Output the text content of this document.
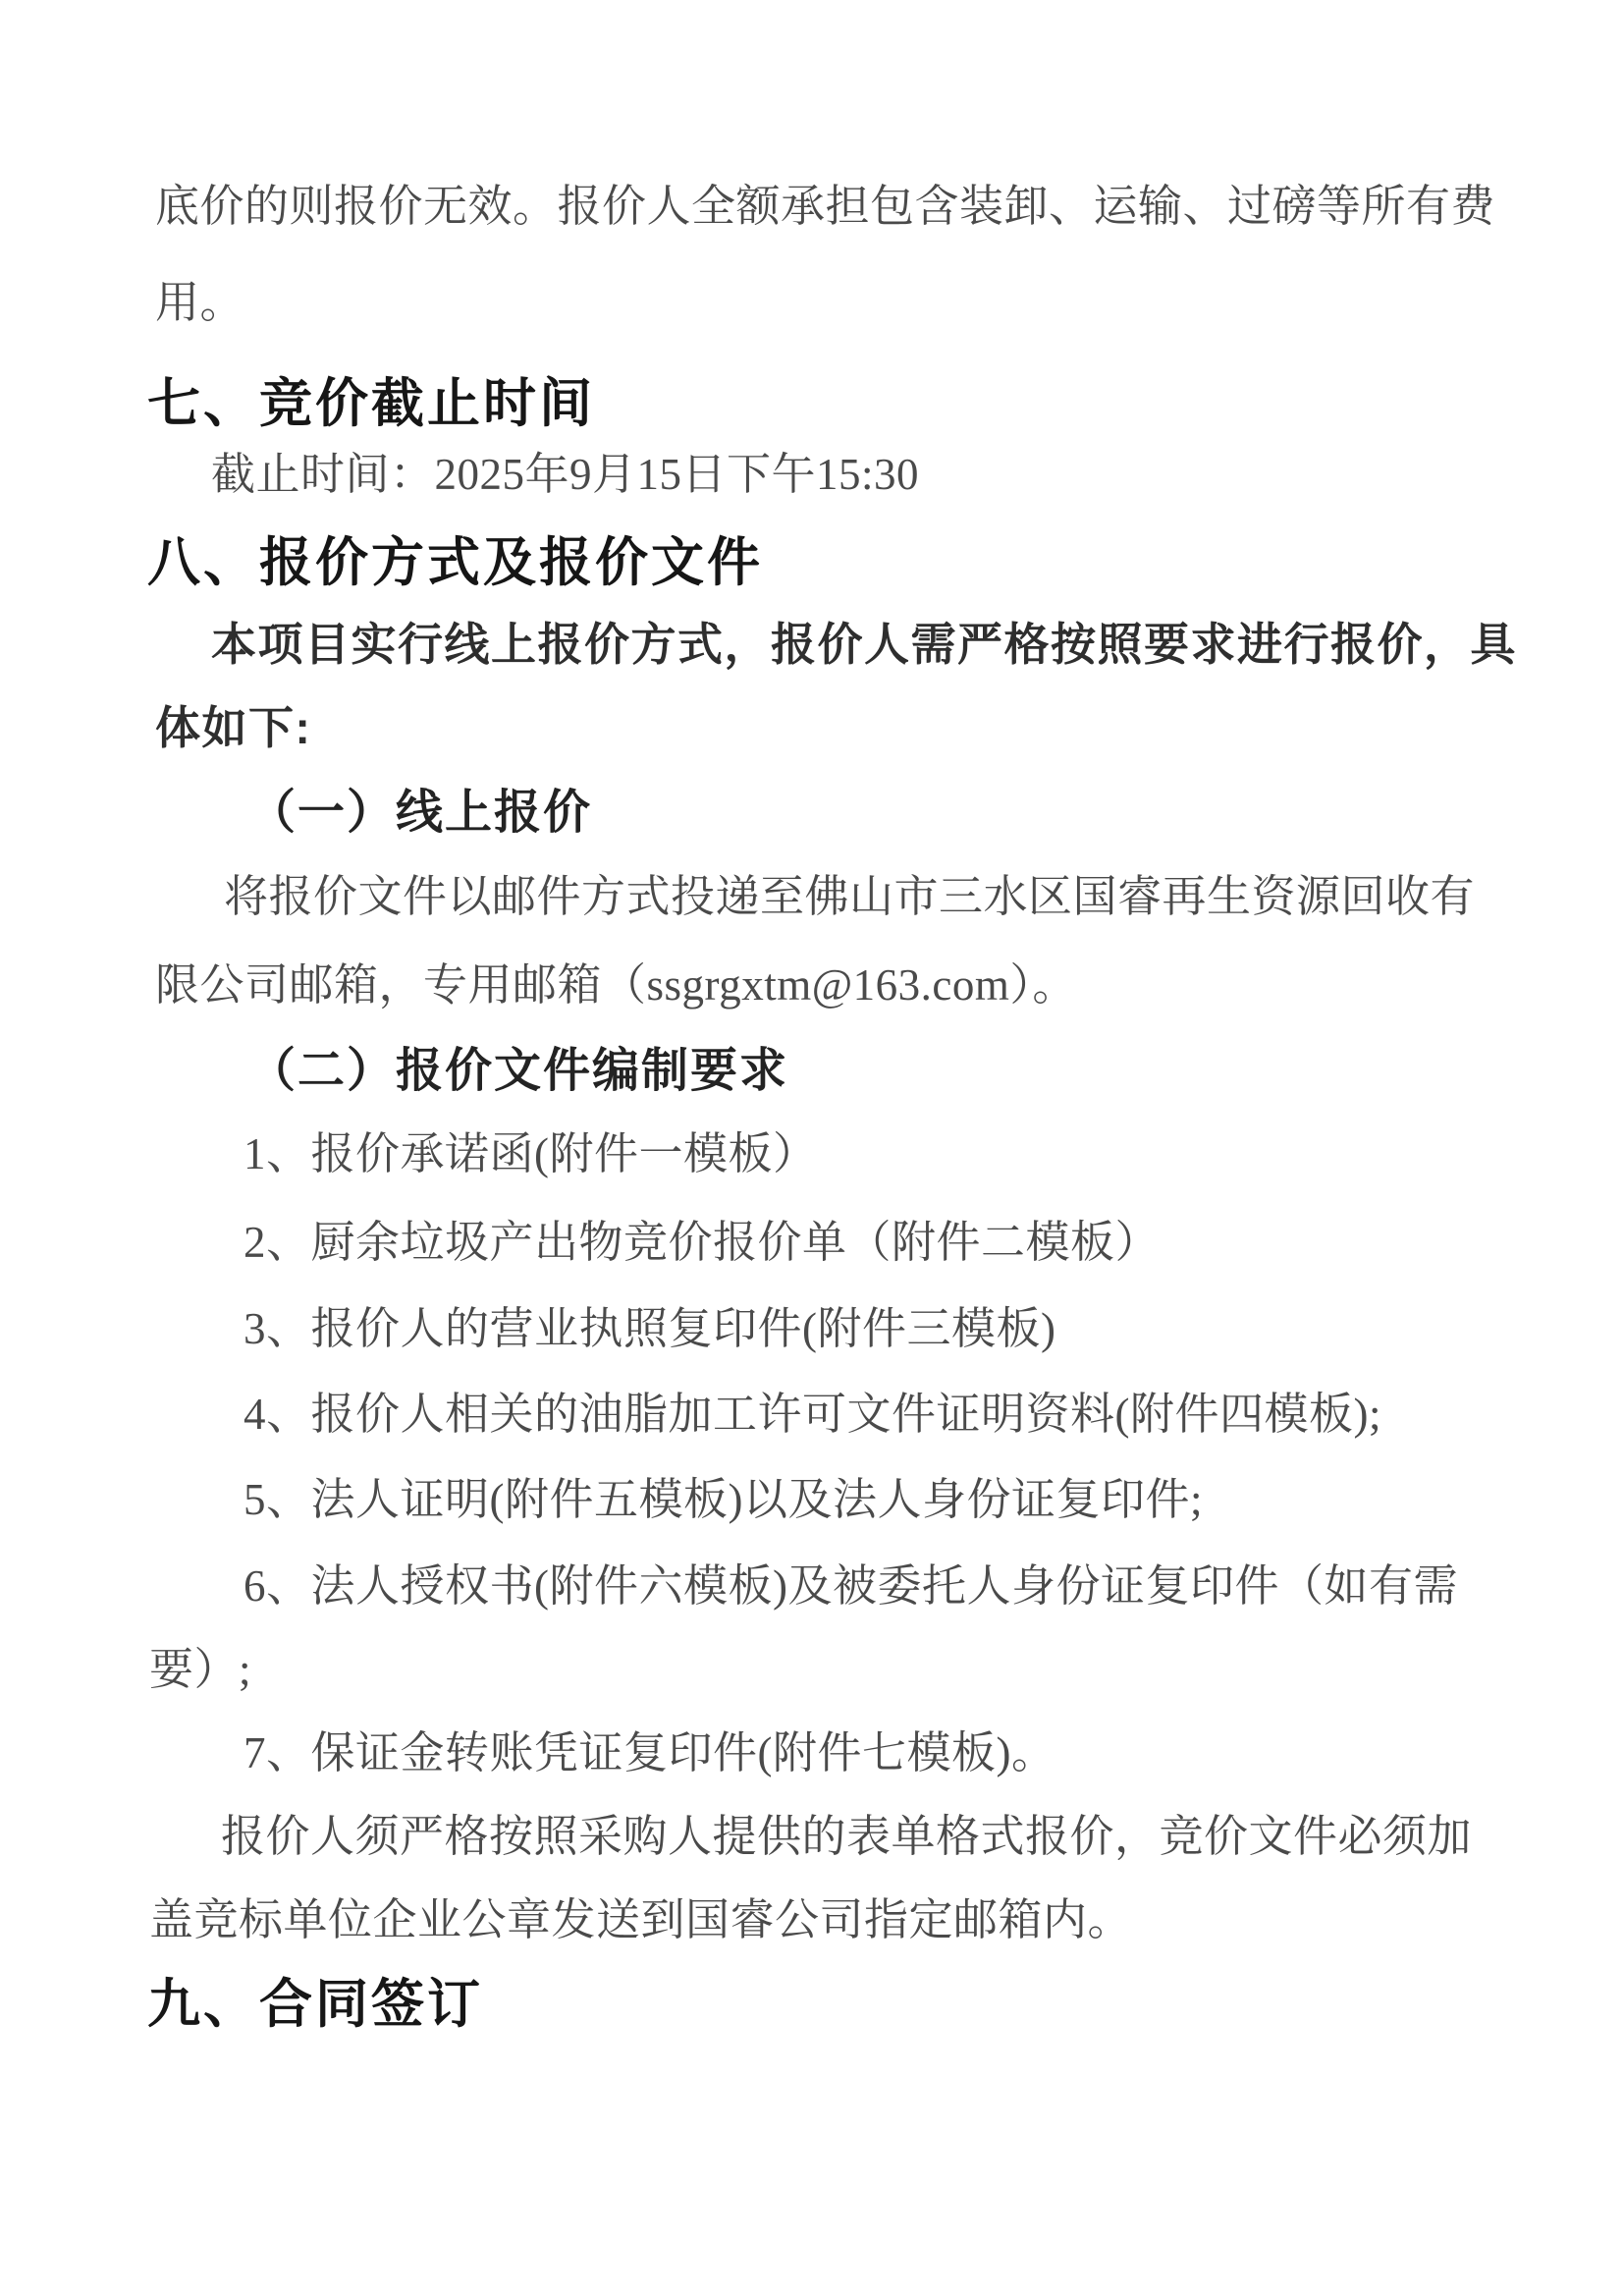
底价的则报价无效。报价人全额承担包含装卸、运输、过磅等所有费
用。
七、竞价截止时间
截止时间：2025年9月15日下午15:30
八、报价方式及报价文件
本项目实行线上报价方式，报价人需严格按照要求进行报价，具
体如下:
（一）线上报价
将报价文件以邮件方式投递至佛山市三水区国睿再生资源回收有
限公司邮箱，专用邮箱（ssgrgxtm@163.com）。
（二）报价文件编制要求
1、报价承诺函(附件一模板）
2、厨余垃圾产出物竞价报价单（附件二模板）
3、报价人的营业执照复印件(附件三模板)
4、报价人相关的油脂加工许可文件证明资料(附件四模板);
5、法人证明(附件五模板)以及法人身份证复印件;
6、法人授权书(附件六模板)及被委托人身份证复印件（如有需
要）;
7、保证金转账凭证复印件(附件七模板)。
报价人须严格按照采购人提供的表单格式报价，竞价文件必须加
盖竞标单位企业公章发送到国睿公司指定邮箱内。
九、合同签订
